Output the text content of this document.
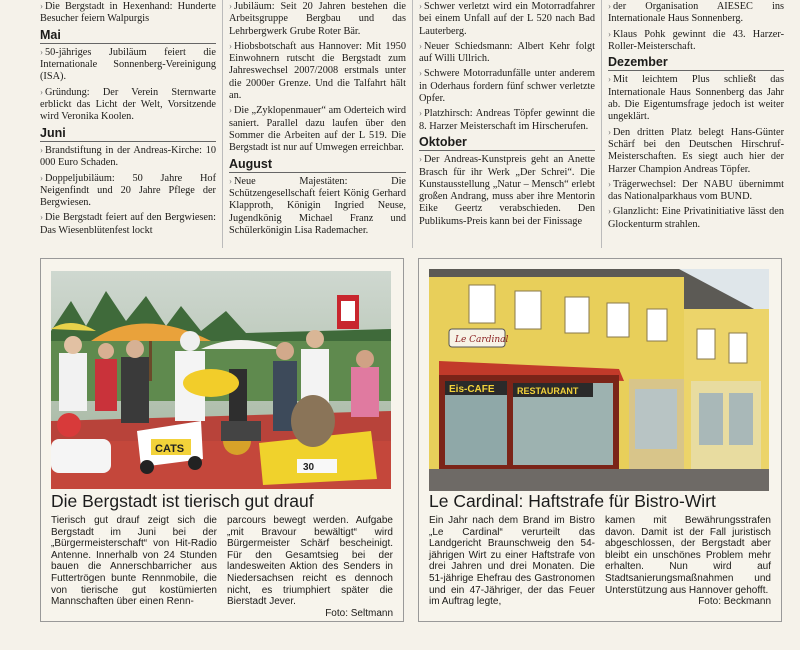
› Die Bergstadt in Hexenhand: Hunderte Besucher feiern Walpurgis
Mai
› 50-jähriges Jubiläum feiert die Internationale Sonnenberg-Vereinigung (ISA).
› Gründung: Der Verein Sternwarte erblickt das Licht der Welt, Vorsitzende wird Veronika Koolen.
Juni
› Brandstiftung in der Andreas-Kirche: 10 000 Euro Schaden.
› Doppeljubiläum: 50 Jahre Hof Neigenfindt und 20 Jahre Pflege der Bergwiesen.
› Die Bergstadt feiert auf den Bergwiesen: Das Wiesenblütenfest lockt
› Jubiläum: Seit 20 Jahren bestehen die Arbeitsgruppe Bergbau und das Lehrbergwerk Grube Roter Bär.
› Hiobsbotschaft aus Hannover: Mit 1950 Einwohnern rutscht die Bergstadt zum Jahreswechsel 2007/2008 erstmals unter die 2000er Grenze. Und die Talfahrt hält an.
› Die „Zyklopenmauer“ am Oderteich wird saniert. Parallel dazu laufen über den Sommer die Arbeiten auf der L 519. Die Bergstadt ist nur auf Umwegen erreichbar.
August
› Neue Majestäten: Die Schützengesellschaft feiert König Gerhard Klapproth, Königin Ingried Neuse, Jugendkönig Michael Franz und Schülerkönigin Lisa Rademacher.
› Schwer verletzt wird ein Motorradfahrer bei einem Unfall auf der L 520 nach Bad Lauterberg.
› Neuer Schiedsmann: Albert Kehr folgt auf Willi Ullrich.
› Schwere Motorradunfälle unter anderem in Oderhaus fordern fünf schwer verletzte Opfer.
› Platzhirsch: Andreas Töpfer gewinnt die 8. Harzer Meisterschaft im Hirscherufen.
Oktober
› Der Andreas-Kunstpreis geht an Anette Brasch für ihr Werk „Der Schrei“. Die Kunstausstellung „Natur – Mensch“ erlebt großen Andrang, muss aber ihre Mentorin Eike Geertz verabschieden. Den Publikums-Preis kann bei der Finissage
› der Organisation AIESEC ins Internationale Haus Sonnenberg.
› Klaus Pohk gewinnt die 43. Harzer-Roller-Meisterschaft.
Dezember
› Mit leichtem Plus schließt das Internationale Haus Sonnenberg das Jahr ab. Die Eigentumsfrage jedoch ist weiter ungeklärt.
› Den dritten Platz belegt Hans-Günter Schärf bei den Deutschen Hirschruf-Meisterschaften. Es siegt auch hier der Harzer Champion Andreas Töpfer.
› Trägerwechsel: Der NABU übernimmt das Nationalparkhaus vom BUND.
› Glanzlicht: Eine Privatinitiative lässt den Glockenturm strahlen.
CATS
30
Die Bergstadt ist tierisch gut drauf

Tierisch gut drauf zeigt sich die Bergstadt im Juni bei der „Bürgermeisterschaft“ von Hit-Radio Antenne. Innerhalb von 24 Stunden bauen die Annerschbarricher aus Futtertrögen bunte Rennmobile, die von tierische gut kostümierten Mannschaften über einen Renn-

parcours bewegt werden. Aufgabe „mit Bravour bewältigt“ wird Bürgermeister Schärf bescheinigt. Für den Gesamtsieg bei der landesweiten Aktion des Senders in Niedersachsen reicht es dennoch nicht, es triumphiert später die Bierstadt Jever.

Foto: Seltmann

Le Cardinal
Eis-CAFE RESTAURANT
Le Cardinal: Haftstrafe für Bistro-Wirt

Ein Jahr nach dem Brand im Bistro „Le Cardinal“ verurteilt das Landgericht Braunschweig den 54-jährigen Wirt zu einer Haftstrafe von drei Jahren und drei Monaten. Die 51-jährige Ehefrau des Gastronomen und ein 47-Jähriger, der das Feuer im Auftrag legte,

kamen mit Bewährungsstrafen davon. Damit ist der Fall juristisch abgeschlossen, der Bergstadt aber bleibt ein unschönes Problem mehr erhalten. Nun wird auf Stadtsanierungsmaßnahmen und Unterstützung aus Hannover gehofft.

Foto: Beckmann
